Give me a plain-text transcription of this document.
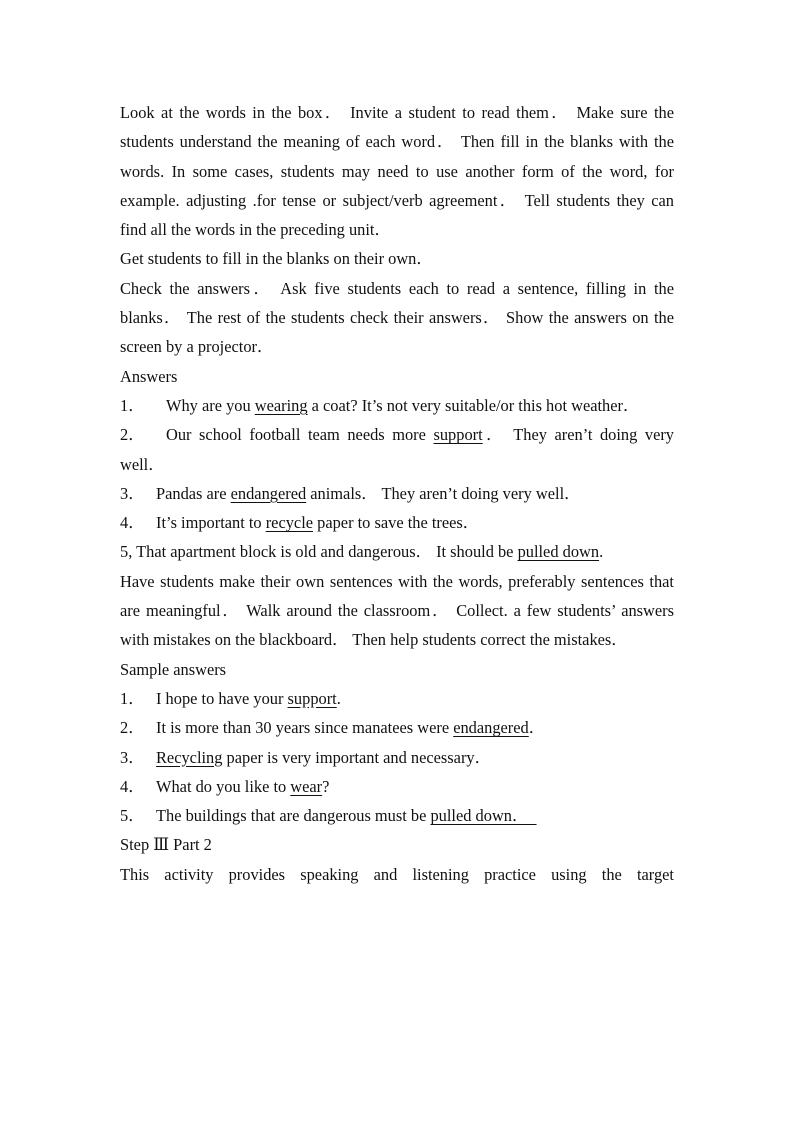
Look at the words in the box． Invite a student to read them． Make sure the students understand the meaning of each word． Then fill in the blanks with the words. In some cases, students may need to use another form of the word, for example. adjusting .for tense or subject/verb agreement． Tell students they can find all the words in the preceding unit．

Get students to fill in the blanks on their own．

Check the answers． Ask five students each to read a sentence, filling in the blanks． The rest of the students check their answers． Show the answers on the screen by a projector．

Answers

1． Why are you wearing a coat? It’s not very suitable/or this hot weather．

2． Our school football team needs more support． They aren’t doing very well．

3． Pandas are endangered animals． They aren’t doing very well．

4． It’s important to recycle paper to save the trees．

5, That apartment block is old and dangerous． It should be pulled down.

Have students make their own sentences with the words, preferably sentences that are meaningful． Walk around the classroom． Collect. a few students’ answers with mistakes on the blackboard． Then help students correct the mistakes．

Sample answers

1． I hope to have your support.

2． It is more than 30 years since manatees were endangered．

3． Recycling paper is very important and necessary．

4． What do you like to wear?

5． The buildings that are dangerous must be pulled down．

Step Ⅲ Part 2

This activity provides speaking and listening practice using the target
